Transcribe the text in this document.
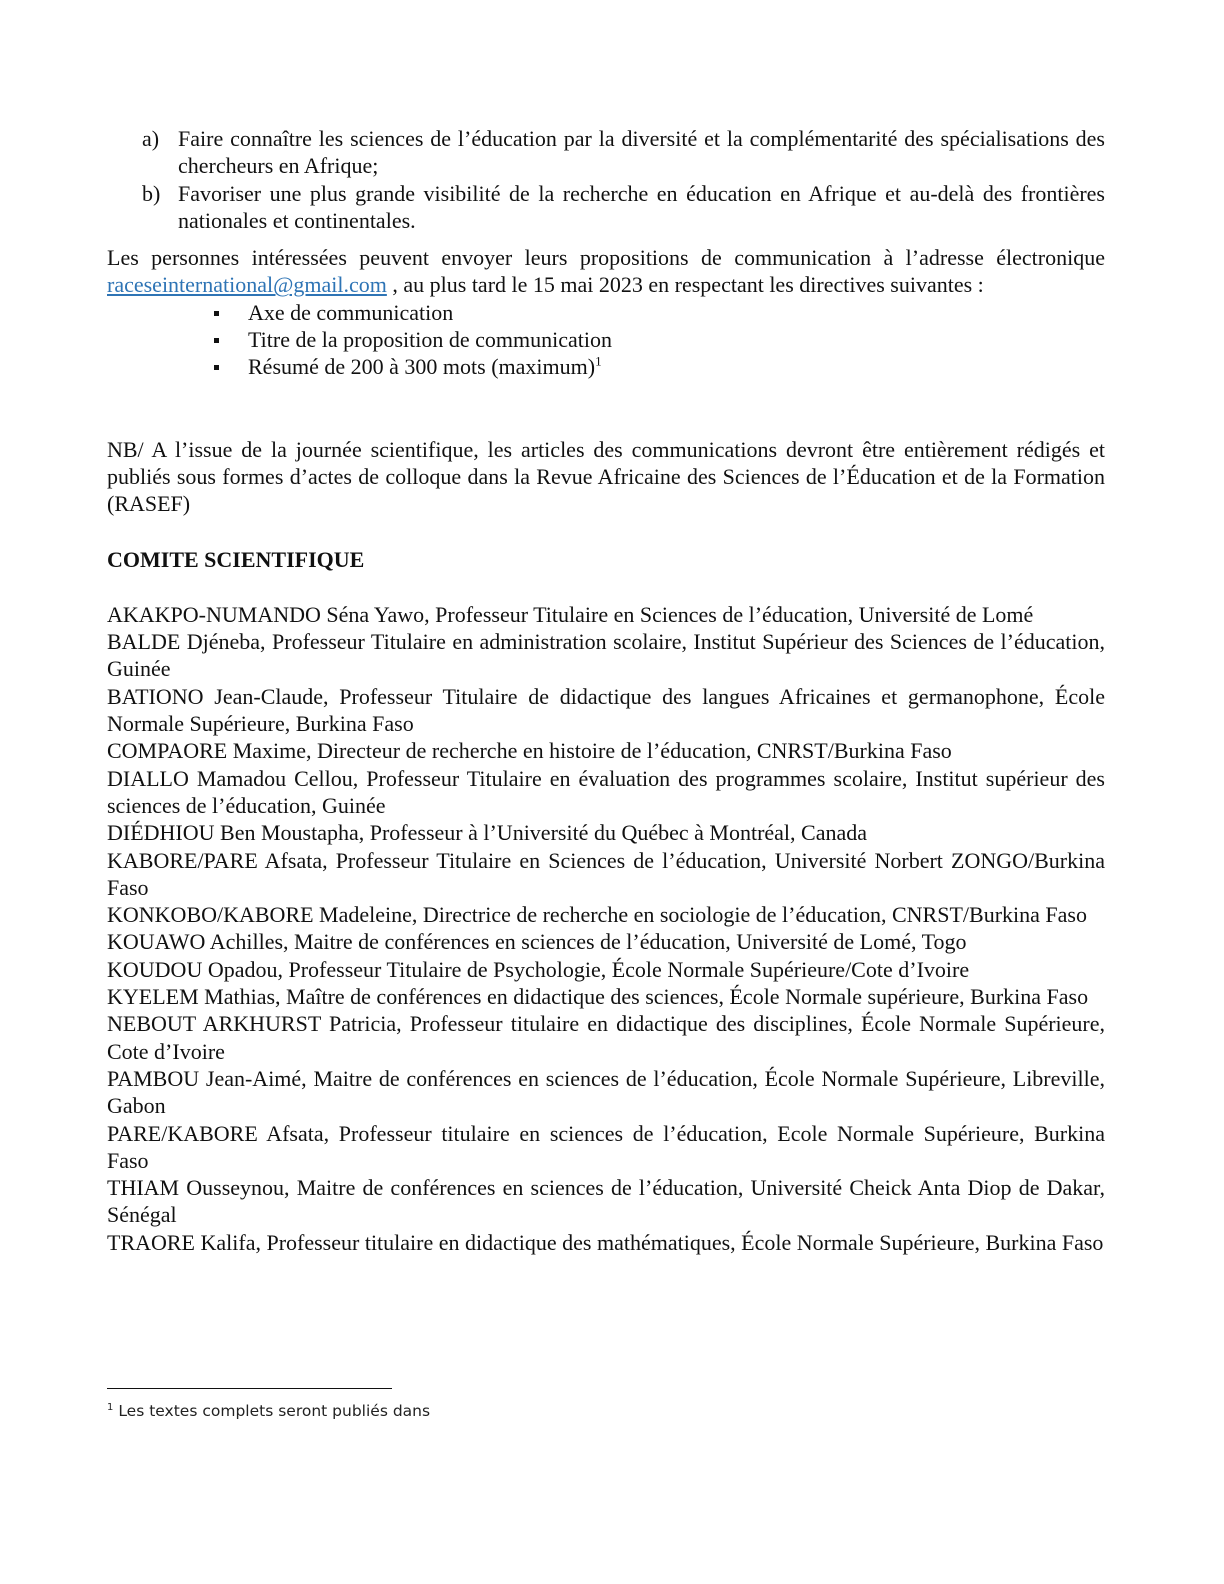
a) Faire connaître les sciences de l’éducation par la diversité et la complémentarité des spécialisations des chercheurs en Afrique;
b) Favoriser une plus grande visibilité de la recherche en éducation en Afrique et au-delà des frontières nationales et continentales.

Les personnes intéressées peuvent envoyer leurs propositions de communication à l’adresse électronique raceseinternational@gmail.com , au plus tard le 15 mai 2023 en respectant les directives suivantes :

Axe de communication
Titre de la proposition de communication
Résumé de 200 à 300 mots (maximum)$^1$

NB/ A l’issue de la journée scientifique, les articles des communications devront être entièrement rédigés et publiés sous formes d’actes de colloque dans la Revue Africaine des Sciences de l’Éducation et de la Formation (RASEF)

COMITE SCIENTIFIQUE

AKAKPO-NUMANDO Séna Yawo, Professeur Titulaire en Sciences de l’éducation, Université de Lomé
BALDE Djéneba, Professeur Titulaire en administration scolaire, Institut Supérieur des Sciences de l’éducation, Guinée
BATIONO Jean-Claude, Professeur Titulaire de didactique des langues Africaines et germanophone, École Normale Supérieure, Burkina Faso
COMPAORE Maxime, Directeur de recherche en histoire de l’éducation, CNRST/Burkina Faso
DIALLO Mamadou Cellou, Professeur Titulaire en évaluation des programmes scolaire, Institut supérieur des sciences de l’éducation, Guinée
DIÉDHIOU Ben Moustapha, Professeur à l’Université du Québec à Montréal, Canada
KABORE/PARE Afsata, Professeur Titulaire en Sciences de l’éducation, Université Norbert ZONGO/Burkina Faso
KONKOBO/KABORE Madeleine, Directrice de recherche en sociologie de l’éducation, CNRST/Burkina Faso
KOUAWO Achilles, Maitre de conférences en sciences de l’éducation, Université de Lomé, Togo
KOUDOU Opadou, Professeur Titulaire de Psychologie, École Normale Supérieure/Cote d’Ivoire
KYELEM Mathias, Maître de conférences en didactique des sciences, École Normale supérieure, Burkina Faso
NEBOUT ARKHURST Patricia, Professeur titulaire en didactique des disciplines, École Normale Supérieure, Cote d’Ivoire
PAMBOU Jean-Aimé, Maitre de conférences en sciences de l’éducation, École Normale Supérieure, Libreville, Gabon
PARE/KABORE Afsata, Professeur titulaire en sciences de l’éducation, Ecole Normale Supérieure, Burkina Faso
THIAM Ousseynou, Maitre de conférences en sciences de l’éducation, Université Cheick Anta Diop de Dakar, Sénégal
TRAORE Kalifa, Professeur titulaire en didactique des mathématiques, École Normale Supérieure, Burkina Faso
$^1$ Les textes complets seront publiés dans
